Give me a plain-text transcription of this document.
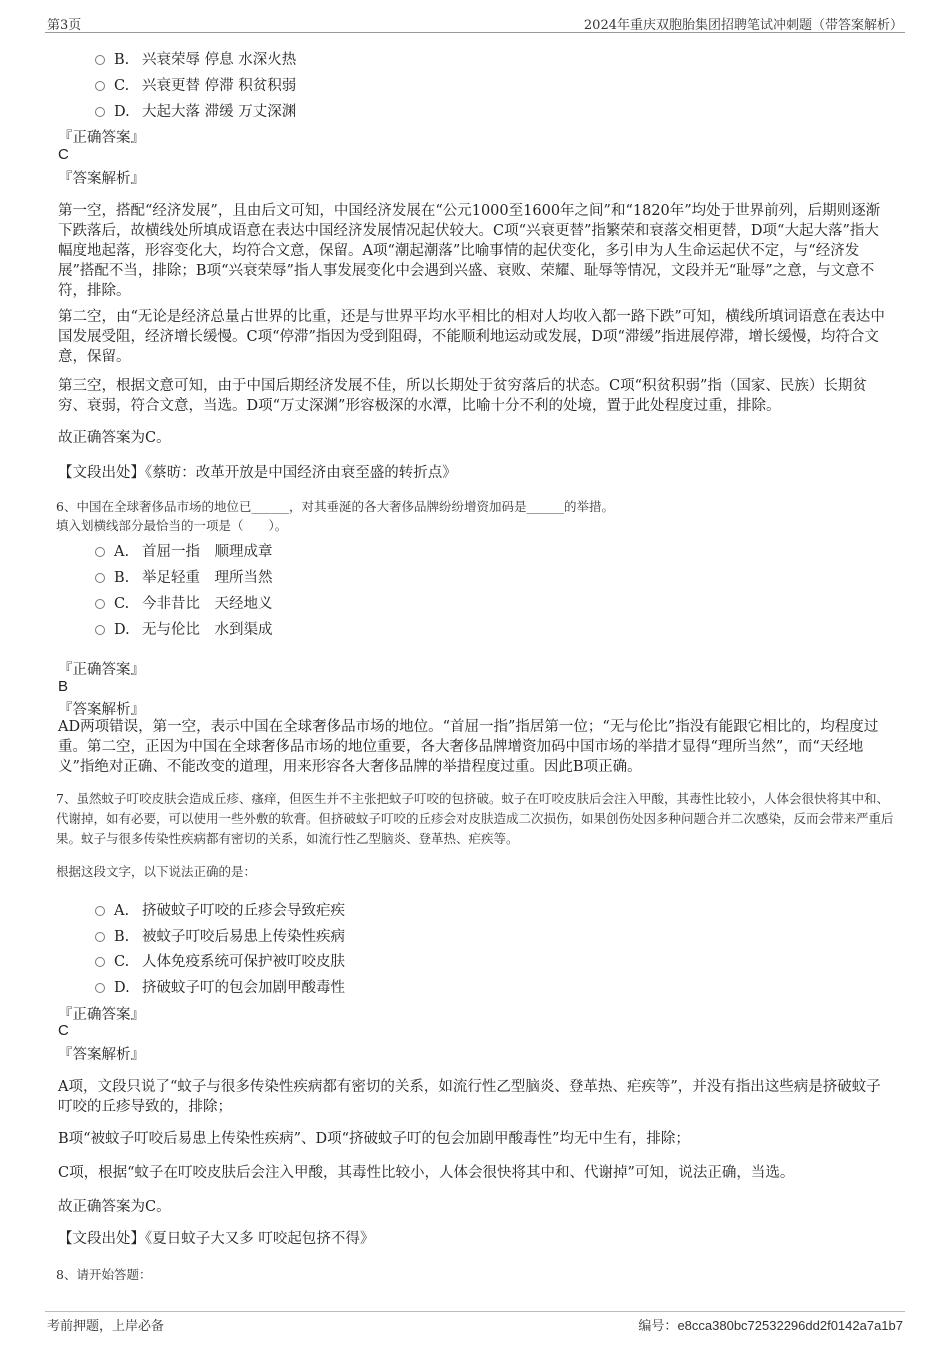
第3页	2024年重庆双胞胎集团招聘笔试冲刺题（带答案解析）
B. 兴衰荣辱 停息 水深火热
C. 兴衰更替 停滞 积贫积弱
D. 大起大落 滞缓 万丈深渊
『正确答案』
C
『答案解析』
第一空，搭配“经济发展”，且由后文可知，中国经济发展在“公元1000至1600年之间”和“1820年”均处于世界前列，后期则逐渐下跌落后，故横线处所填成语意在表达中国经济发展情况起伏较大。C项“兴衰更替”指繁荣和衰落交相更替，D项“大起大落”指大幅度地起落，形容变化大，均符合文意，保留。A项“潮起潮落”比喻事情的起伏变化，多引申为人生命运起伏不定，与“经济发展”搭配不当，排除；B项“兴衰荣辱”指人事发展变化中会遇到兴盛、衰败、荣耀、耻辱等情况，文段并无“耻辱”之意，与文意不符，排除。
第二空，由“无论是经济总量占世界的比重，还是与世界平均水平相比的相对人均收入都一路下跌”可知，横线所填词语意在表达中国发展受阻，经济增长缓慢。C项“停滞”指因为受到阻碍，不能顺利地运动或发展，D项“滞缓”指进展停滞，增长缓慢，均符合文意，保留。
第三空，根据文意可知，由于中国后期经济发展不佳，所以长期处于贫穷落后的状态。C项“积贫积弱”指（国家、民族）长期贫穷、衰弱，符合文意，当选。D项“万丈深渊”形容极深的水潭，比喻十分不利的处境，置于此处程度过重，排除。
故正确答案为C。
【文段出处】《蔡昉：改革开放是中国经济由衰至盛的转折点》
6、中国在全球奢侈品市场的地位已______，对其垂涎的各大奢侈品牌纷纷增资加码是______的举措。
填入划横线部分最恰当的一项是（　　）。
A. 首屈一指　顺理成章
B. 举足轻重　理所当然
C. 今非昔比　天经地义
D. 无与伦比　水到渠成
『正确答案』
B
『答案解析』
AD两项错误，第一空，表示中国在全球奢侈品市场的地位。“首屈一指”指居第一位；“无与伦比”指没有能跟它相比的，均程度过重。第二空，正因为中国在全球奢侈品市场的地位重要，各大奢侈品牌增资加码中国市场的举措才显得“理所当然”，而“天经地义”指绝对正确、不能改变的道理，用来形容各大奢侈品牌的举措程度过重。因此B项正确。
7、虽然蚊子叮咬皮肤会造成丘疹、瘙痒，但医生并不主张把蚊子叮咬的包挤破。蚊子在叮咬皮肤后会注入甲酸，其毒性比较小，人体会很快将其中和、代谢掉，如有必要，可以使用一些外敷的软膏。但挤破蚊子叮咬的丘疹会对皮肤造成二次损伤，如果创伤处因多种问题合并二次感染，反而会带来严重后果。蚊子与很多传染性疾病都有密切的关系，如流行性乙型脑炎、登革热、疟疾等。
根据这段文字，以下说法正确的是：
A. 挤破蚊子叮咬的丘疹会导致疟疾
B. 被蚊子叮咬后易患上传染性疾病
C. 人体免疫系统可保护被叮咬皮肤
D. 挤破蚊子叮的包会加剧甲酸毒性
『正确答案』
C
『答案解析』
A项，文段只说了“蚊子与很多传染性疾病都有密切的关系，如流行性乙型脑炎、登革热、疟疾等”，并没有指出这些病是挤破蚊子叮咬的丘疹导致的，排除；
B项“被蚊子叮咬后易患上传染性疾病”、D项“挤破蚊子叮的包会加剧甲酸毒性”均无中生有，排除；
C项，根据“蚊子在叮咬皮肤后会注入甲酸，其毒性比较小，人体会很快将其中和、代谢掉”可知，说法正确，当选。
故正确答案为C。
【文段出处】《夏日蚊子大又多 叮咬起包挤不得》
8、请开始答题：
考前押题，上岸必备	编号：e8cca380bc72532296dd2f0142a7a1b7
